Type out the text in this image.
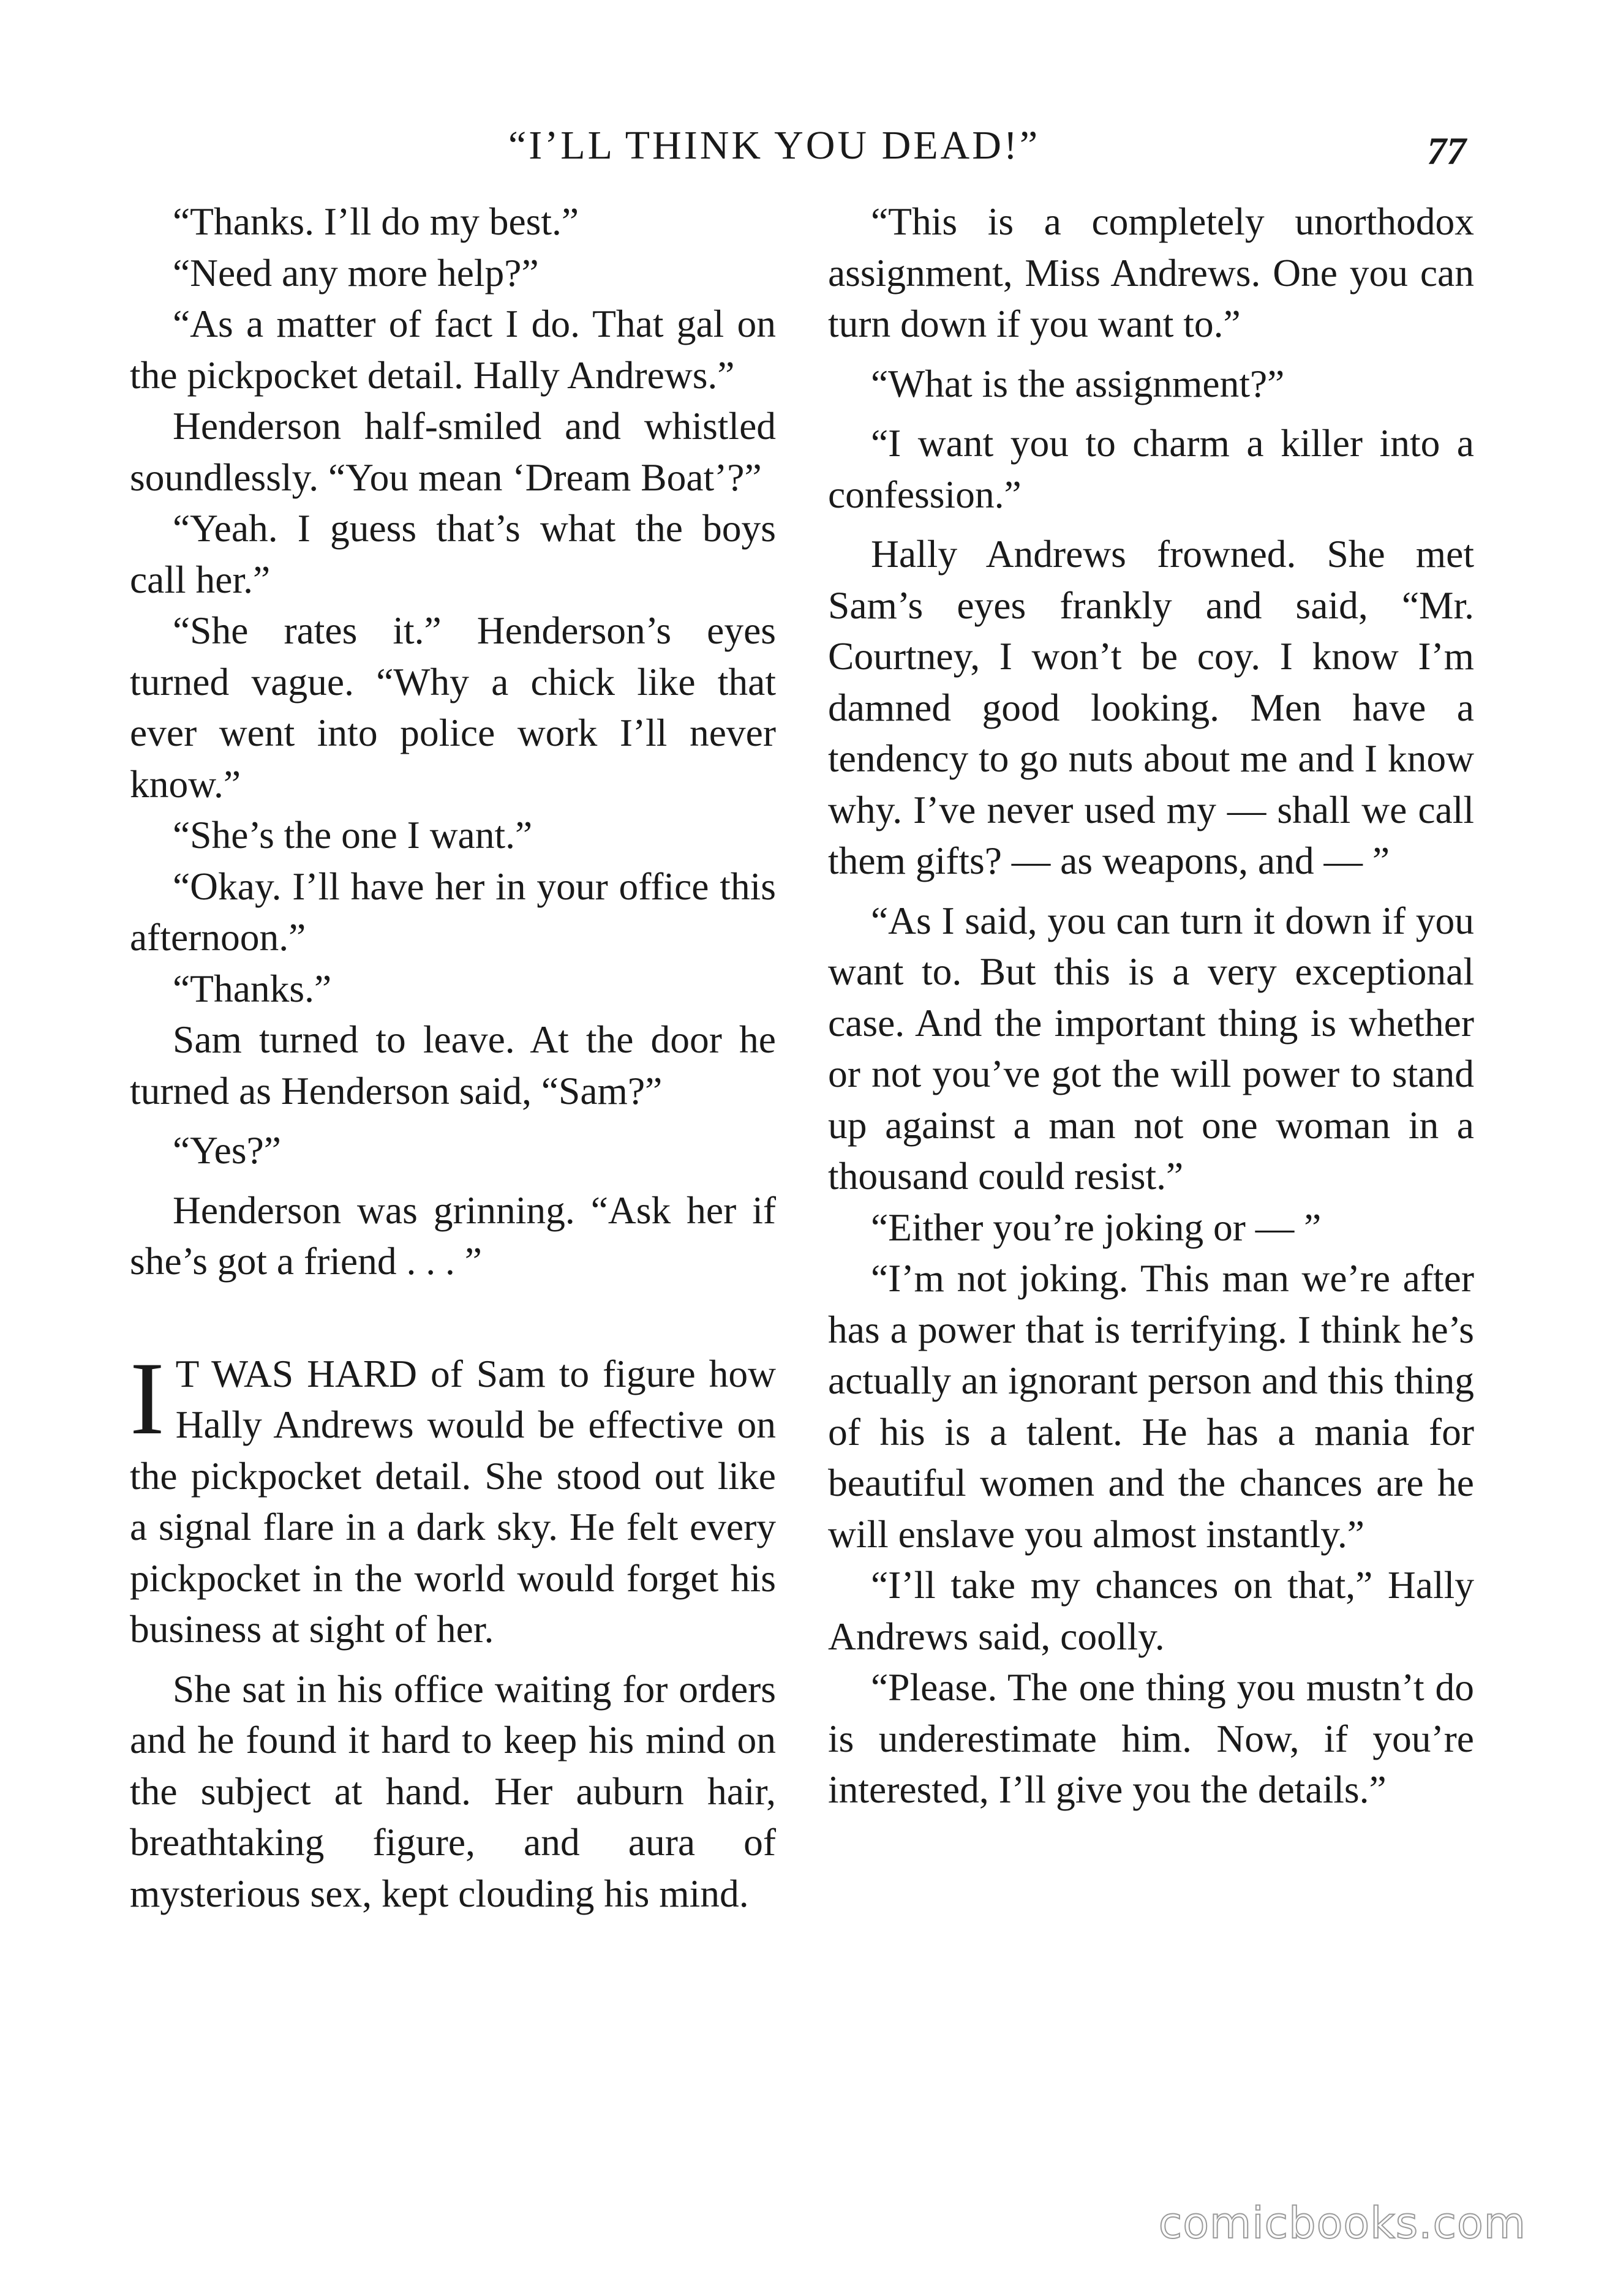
“I’LL THINK YOU DEAD!”	77

“Thanks. I’ll do my best.”

“Need any more help?”

“As a matter of fact I do. That gal on the pickpocket detail. Hally Andrews.”

Henderson half-smiled and whistled soundlessly. “You mean ‘Dream Boat’?”

“Yeah. I guess that’s what the boys call her.”

“She rates it.” Henderson’s eyes turned vague. “Why a chick like that ever went into police work I’ll never know.”

“She’s the one I want.”

“Okay. I’ll have her in your office this afternoon.”

“Thanks.”

Sam turned to leave. At the door he turned as Henderson said, “Sam?”

“Yes?”

Henderson was grinning. “Ask her if she’s got a friend . . . ”

I T WAS HARD of Sam to figure how Hally Andrews would be effective on the pickpocket detail. She stood out like a signal flare in a dark sky. He felt every pickpocket in the world would forget his business at sight of her.

She sat in his office waiting for orders and he found it hard to keep his mind on the subject at hand. Her auburn hair, breathtaking figure, and aura of mysterious sex, kept clouding his mind.

“This is a completely unorthodox assignment, Miss Andrews. One you can turn down if you want to.”

“What is the assignment?”

“I want you to charm a killer into a confession.”

Hally Andrews frowned. She met Sam’s eyes frankly and said, “Mr. Courtney, I won’t be coy. I know I’m damned good looking. Men have a tendency to go nuts about me and I know why. I’ve never used my — shall we call them gifts? — as weapons, and — ”

“As I said, you can turn it down if you want to. But this is a very exceptional case. And the important thing is whether or not you’ve got the will power to stand up against a man not one woman in a thousand could resist.”

“Either you’re joking or — ”

“I’m not joking. This man we’re after has a power that is terrifying. I think he’s actually an ignorant person and this thing of his is a talent. He has a mania for beautiful women and the chances are he will enslave you almost instantly.”

“I’ll take my chances on that,” Hally Andrews said, coolly.

“Please. The one thing you mustn’t do is underestimate him. Now, if you’re interested, I’ll give you the details.”

comicbooks.com
